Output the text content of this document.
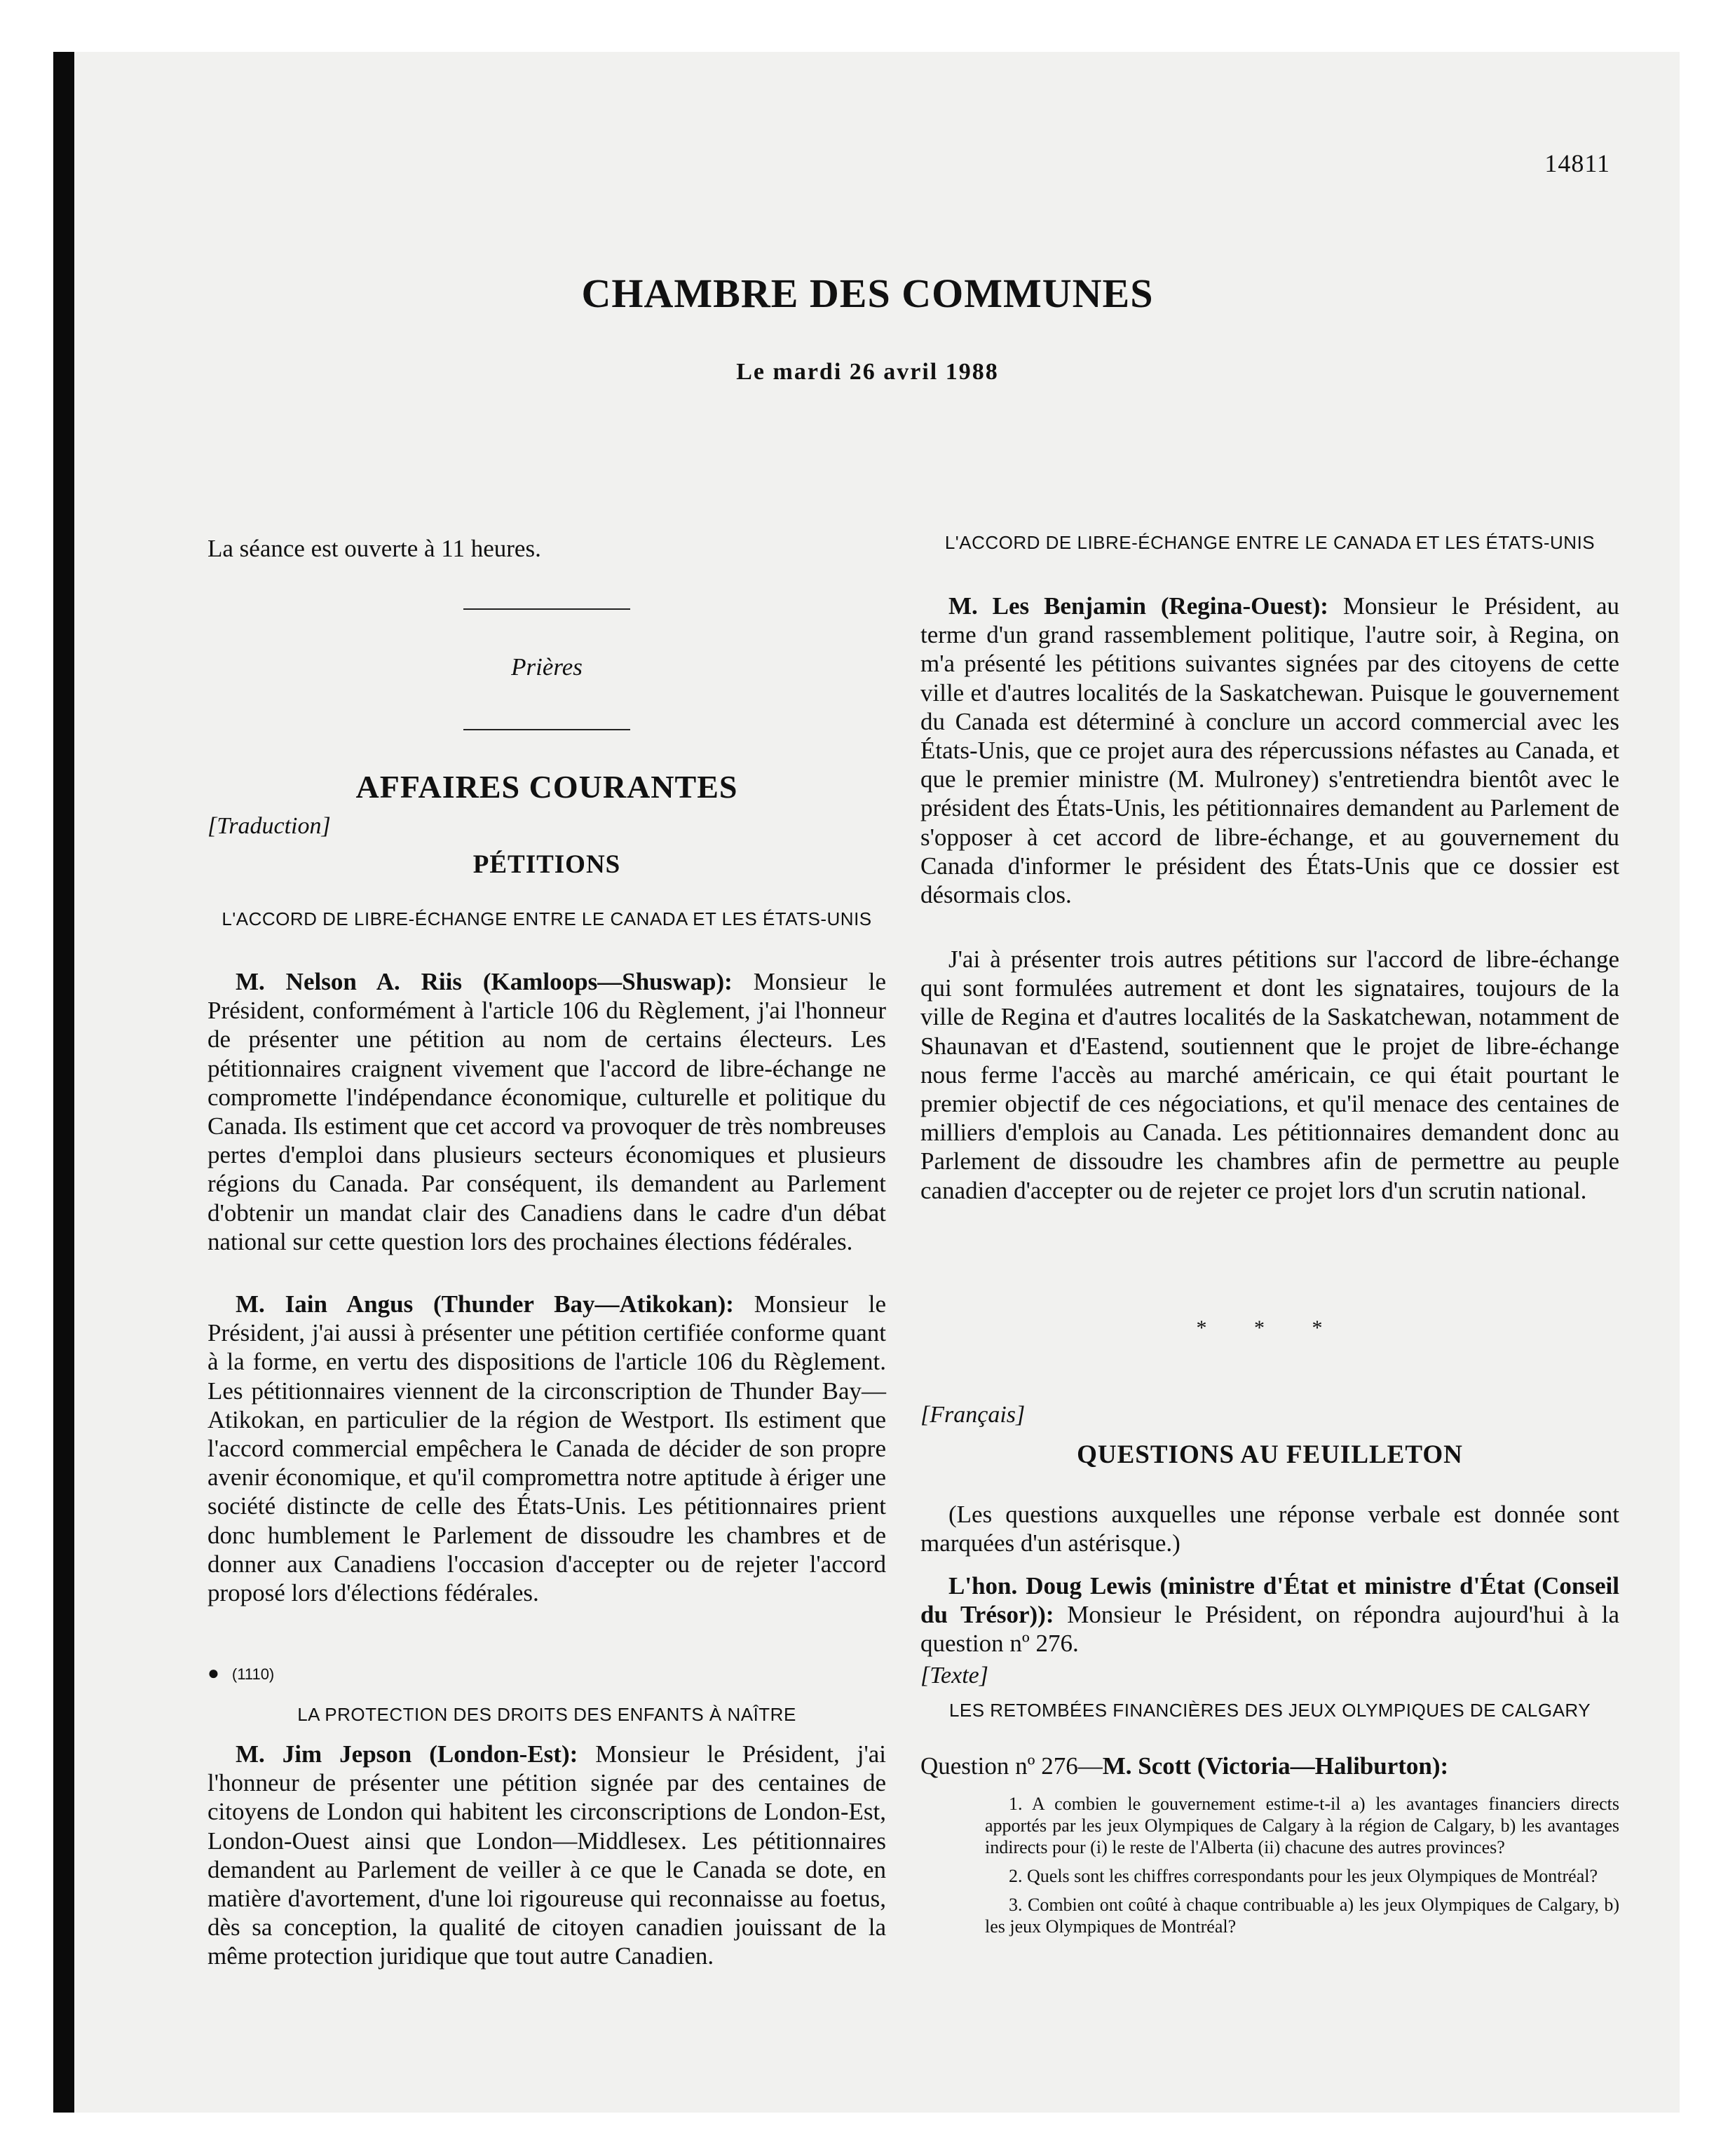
14811
CHAMBRE DES COMMUNES
Le mardi 26 avril 1988

La séance est ouverte à 11 heures.

Prières
AFFAIRES COURANTES
[Traduction]
PÉTITIONS
L'ACCORD DE LIBRE-ÉCHANGE ENTRE LE CANADA ET LES ÉTATS-UNIS

M. Nelson A. Riis (Kamloops—Shuswap): Monsieur le Président, conformément à l'article 106 du Règlement, j'ai l'honneur de présenter une pétition au nom de certains électeurs. Les pétitionnaires craignent vivement que l'accord de libre-échange ne compromette l'indépendance économique, culturelle et politique du Canada. Ils estiment que cet accord va provoquer de très nombreuses pertes d'emploi dans plusieurs secteurs économiques et plusieurs régions du Canada. Par conséquent, ils demandent au Parlement d'obtenir un mandat clair des Canadiens dans le cadre d'un débat national sur cette question lors des prochaines élections fédérales.

M. Iain Angus (Thunder Bay—Atikokan): Monsieur le Président, j'ai aussi à présenter une pétition certifiée conforme quant à la forme, en vertu des dispositions de l'article 106 du Règlement. Les pétitionnaires viennent de la circonscription de Thunder Bay—Atikokan, en particulier de la région de Westport. Ils estiment que l'accord commercial empêchera le Canada de décider de son propre avenir économique, et qu'il compromettra notre aptitude à ériger une société distincte de celle des États-Unis. Les pétitionnaires prient donc humblement le Parlement de dissoudre les chambres et de donner aux Canadiens l'occasion d'accepter ou de rejeter l'accord proposé lors d'élections fédérales.

● (1110)
LA PROTECTION DES DROITS DES ENFANTS À NAÎTRE

M. Jim Jepson (London-Est): Monsieur le Président, j'ai l'honneur de présenter une pétition signée par des centaines de citoyens de London qui habitent les circonscriptions de London-Est, London-Ouest ainsi que London—Middlesex. Les pétitionnaires demandent au Parlement de veiller à ce que le Canada se dote, en matière d'avortement, d'une loi rigoureuse qui reconnaisse au foetus, dès sa conception, la qualité de citoyen canadien jouissant de la même protection juridique que tout autre Canadien.

L'ACCORD DE LIBRE-ÉCHANGE ENTRE LE CANADA ET LES ÉTATS-UNIS

M. Les Benjamin (Regina-Ouest): Monsieur le Président, au terme d'un grand rassemblement politique, l'autre soir, à Regina, on m'a présenté les pétitions suivantes signées par des citoyens de cette ville et d'autres localités de la Saskatchewan. Puisque le gouvernement du Canada est déterminé à conclure un accord commercial avec les États-Unis, que ce projet aura des répercussions néfastes au Canada, et que le premier ministre (M. Mulroney) s'entretiendra bientôt avec le président des États-Unis, les pétitionnaires demandent au Parlement de s'opposer à cet accord de libre-échange, et au gouvernement du Canada d'informer le président des États-Unis que ce dossier est désormais clos.

J'ai à présenter trois autres pétitions sur l'accord de libre-échange qui sont formulées autrement et dont les signataires, toujours de la ville de Regina et d'autres localités de la Saskatchewan, notamment de Shaunavan et d'Eastend, soutiennent que le projet de libre-échange nous ferme l'accès au marché américain, ce qui était pourtant le premier objectif de ces négociations, et qu'il menace des centaines de milliers d'emplois au Canada. Les pétitionnaires demandent donc au Parlement de dissoudre les chambres afin de permettre au peuple canadien d'accepter ou de rejeter ce projet lors d'un scrutin national.

* * *
[Français]
QUESTIONS AU FEUILLETON

(Les questions auxquelles une réponse verbale est donnée sont marquées d'un astérisque.)

L'hon. Doug Lewis (ministre d'État et ministre d'État (Conseil du Trésor)): Monsieur le Président, on répondra aujourd'hui à la question nº 276.

[Texte]
LES RETOMBÉES FINANCIÈRES DES JEUX OLYMPIQUES DE CALGARY
Question nº 276—M. Scott (Victoria—Haliburton):

1. A combien le gouvernement estime-t-il a) les avantages financiers directs apportés par les jeux Olympiques de Calgary à la région de Calgary, b) les avantages indirects pour (i) le reste de l'Alberta (ii) chacune des autres provinces?

2. Quels sont les chiffres correspondants pour les jeux Olympiques de Montréal?

3. Combien ont coûté à chaque contribuable a) les jeux Olympiques de Calgary, b) les jeux Olympiques de Montréal?
